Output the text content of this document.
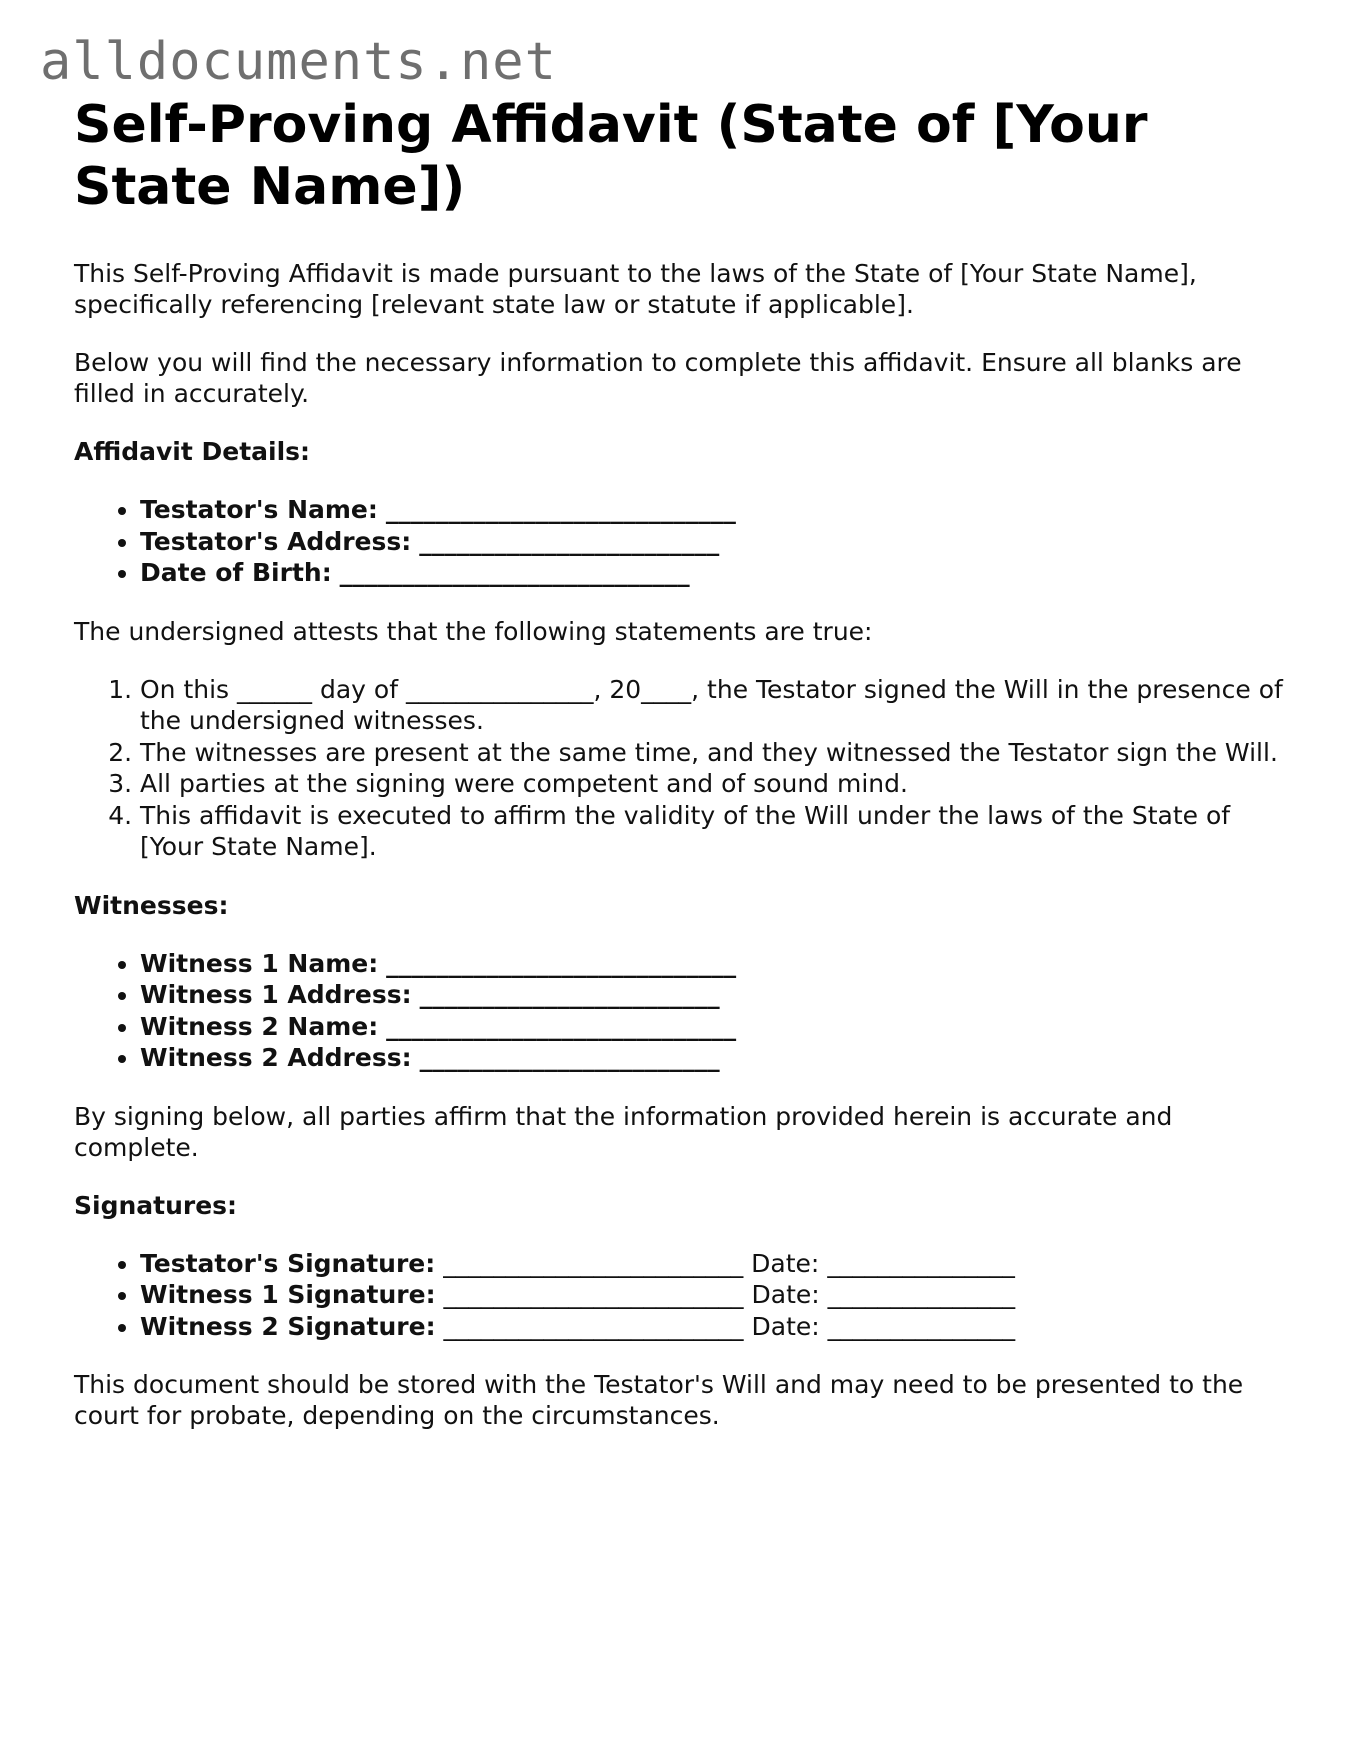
alldocuments.net
Self-Proving Affidavit (State of [Your State Name])

This Self-Proving Affidavit is made pursuant to the laws of the State of [Your State Name], specifically referencing [relevant state law or statute if applicable].

Below you will find the necessary information to complete this affidavit. Ensure all blanks are filled in accurately.

Affidavit Details:
• Testator's Name: ____________________________
• Testator's Address: ________________________
• Date of Birth: ____________________________

The undersigned attests that the following statements are true:

1. On this ______ day of _______________, 20____, the Testator signed the Will in the presence of the undersigned witnesses.
2. The witnesses are present at the same time, and they witnessed the Testator sign the Will.
3. All parties at the signing were competent and of sound mind.
4. This affidavit is executed to affirm the validity of the Will under the laws of the State of [Your State Name].
Witnesses:
• Witness 1 Name: ____________________________
• Witness 1 Address: ________________________
• Witness 2 Name: ____________________________
• Witness 2 Address: ________________________

By signing below, all parties affirm that the information provided herein is accurate and complete.

Signatures:
• Testator's Signature: ________________________ Date: _______________
• Witness 1 Signature: ________________________ Date: _______________
• Witness 2 Signature: ________________________ Date: _______________

This document should be stored with the Testator's Will and may need to be presented to the court for probate, depending on the circumstances.
